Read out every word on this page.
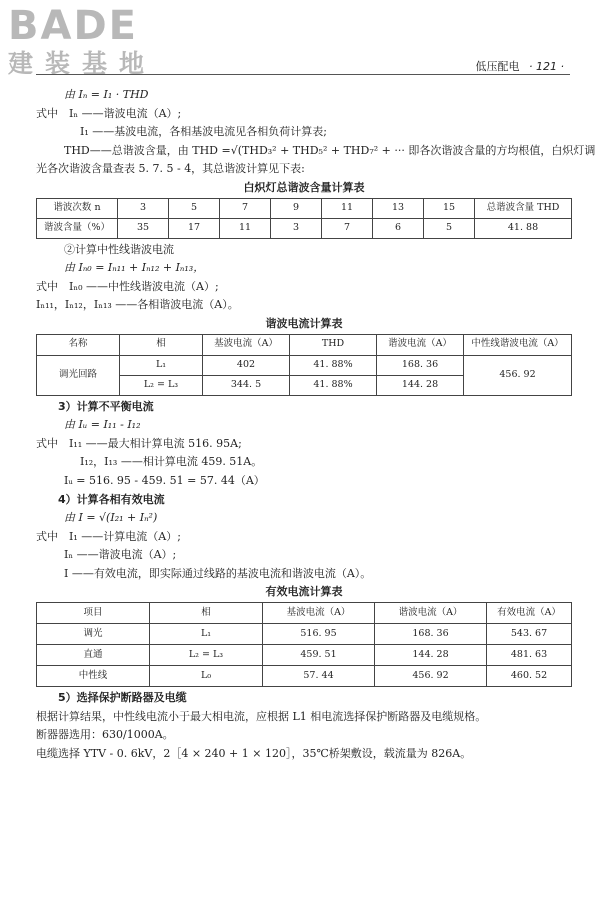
BADE
建装基地	低压配电 · 121 ·
由 Iₙ = I₁ · THD
式中　Iₙ ——谐波电流（A）;
I₁ ——基波电流，各相基波电流见各相负荷计算表;
THD——总谐波含量，由 THD =√(THD₃² + THD₅² + THD₇² + ··· 即各次谐波含量的方均根值，白炽灯调
光各次谐波含量查表 5. 7. 5 - 4，其总谐波计算见下表:
白炽灯总谐波含量计算表
谐波次数 n	3	5	7	9	11	13	15	总谐波含量 THD
谐波含量（%）	35	17	11	3	7	6	5	41. 88
②计算中性线谐波电流
由 Iₙ₀ = Iₙ₁₁ + Iₙ₁₂ + Iₙ₁₃，
式中　Iₙ₀ ——中性线谐波电流（A）;
Iₙ₁₁，Iₙ₁₂，Iₙ₁₃ ——各相谐波电流（A）。
谐波电流计算表
名称	相	基波电流（A）	THD	谐波电流（A）	中性线谐波电流（A）
调光回路	L₁	402	41. 88%	168. 36	456. 92
	L₂ = L₃	344. 5	41. 88%	144. 28	
3）计算不平衡电流
由 Iᵤ = I₁₁ - I₁₂
式中　I₁₁ ——最大相计算电流 516. 95A;
I₁₂，I₁₃ ——相计算电流 459. 51A。
Iᵤ = 516. 95 - 459. 51 = 57. 44（A）
4）计算各相有效电流
由 I = √(I₂₁ + Iₙ²)
式中　I₁ ——计算电流（A）;
Iₙ ——谐波电流（A）;
I ——有效电流，即实际通过线路的基波电流和谐波电流（A）。
有效电流计算表
项目	相	基波电流（A）	谐波电流（A）	有效电流（A）
调光	L₁	516. 95	168. 36	543. 67
直通	L₂ = L₃	459. 51	144. 28	481. 63
中性线	L₀	57. 44	456. 92	460. 52
5）选择保护断路器及电缆
根据计算结果，中性线电流小于最大相电流，应根据 L1 相电流选择保护断路器及电缆规格。
断器器选用：630/1000A。
电缆选择 YTV - 0. 6kV，2［4 × 240 + 1 × 120］，35℃桥架敷设，载流量为 826A。
